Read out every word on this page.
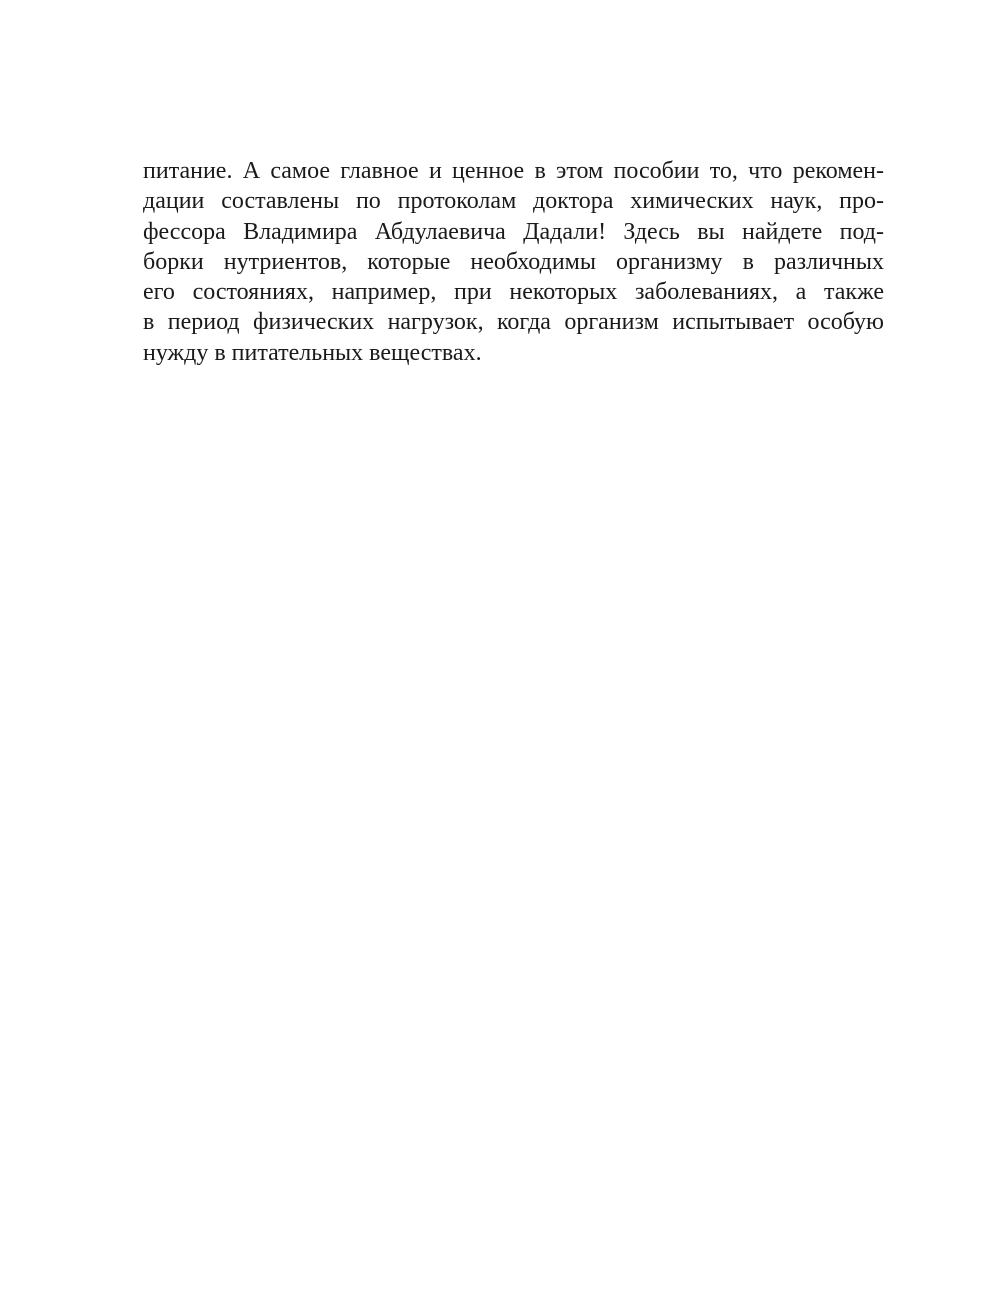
питание. А самое главное и ценное в этом пособии то, что рекомен-
дации составлены по протоколам доктора химических наук, про-
фессора Владимира Абдулаевича Дадали! Здесь вы найдете под-
борки нутриентов, которые необходимы организму в различных
его состояниях, например, при некоторых заболеваниях, а также
в период физических нагрузок, когда организм испытывает особую
нужду в питательных веществах.
